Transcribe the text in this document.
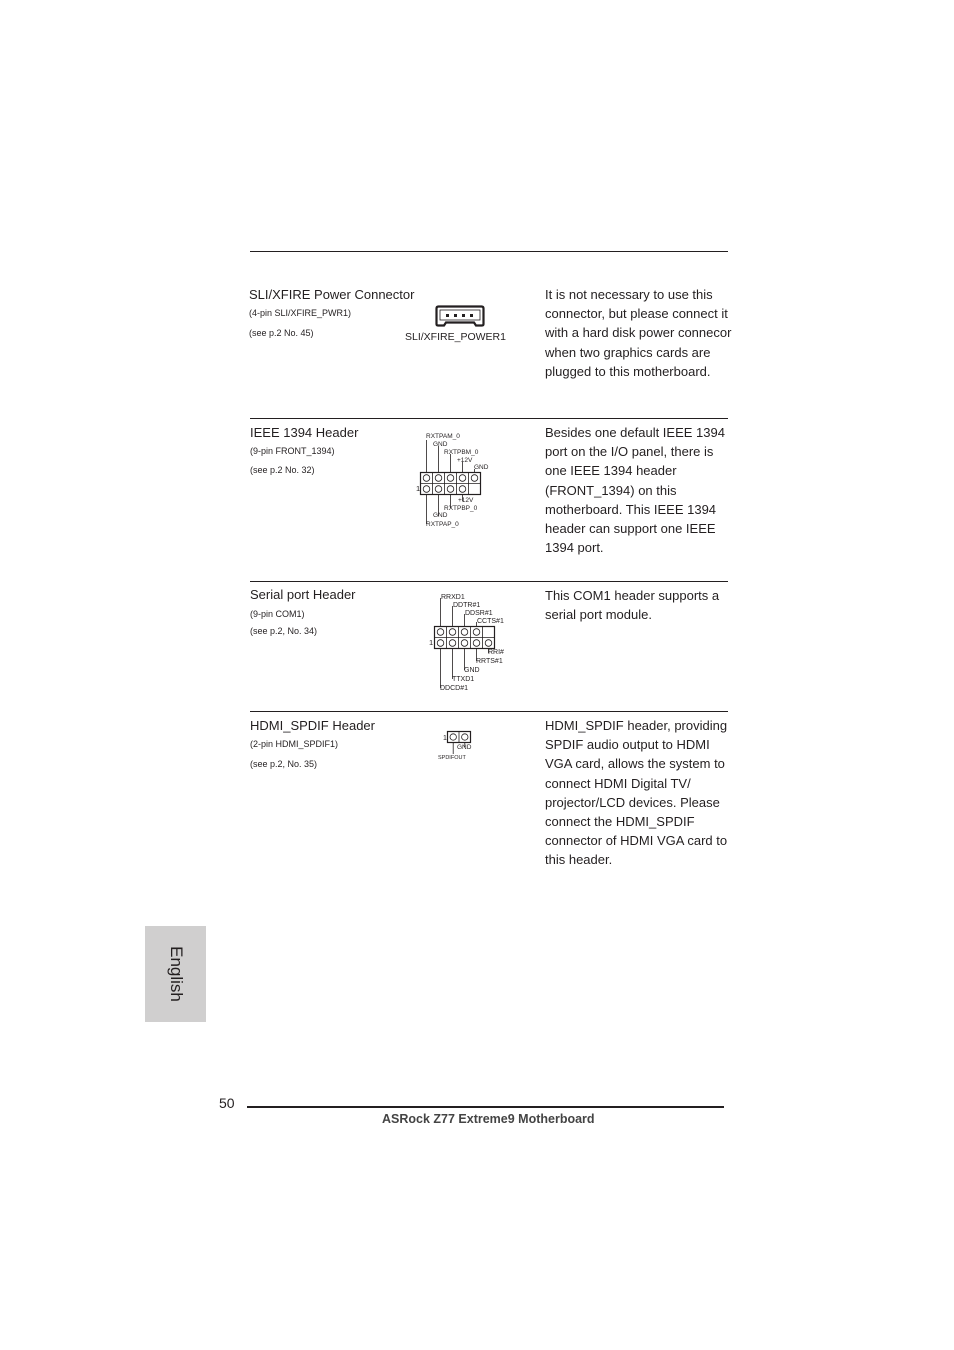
SLI/XFIRE Power Connector
(4-pin SLI/XFIRE_PWR1)
(see p.2 No. 45)	SLI/XFIRE_POWER1
It is not necessary to use this connector, but please connect it with a hard disk power connecor when two graphics cards are plugged to this motherboard.
IEEE 1394 Header
(9-pin FRONT_1394)
(see p.2 No. 32)
RXTPAM_0
GND
RXTPBM_0
+12V
GND
+12V
RXTPBP_0
GND
RXTPAP_0
1
Besides one default IEEE 1394 port on the I/O panel, there is one IEEE 1394 header (FRONT_1394) on this motherboard. This IEEE 1394 header can support one IEEE 1394 port.
Serial port Header
(9-pin COM1)
(see p.2, No. 34)
RRXD1
DDTR#1
DDSR#1
CCTS#1
RRI#
RRTS#1
GND
TTXD1
DDCD#1
1
This COM1 header supports a serial port module.
HDMI_SPDIF Header
(2-pin HDMI_SPDIF1)
(see p.2, No. 35)
1
GND
SPDIFOUT
HDMI_SPDIF header, providing SPDIF audio output to HDMI VGA card, allows the system to connect HDMI Digital TV/ projector/LCD devices. Please connect the HDMI_SPDIF connector of HDMI VGA card to this header.
English
50
ASRock Z77 Extreme9 Motherboard
